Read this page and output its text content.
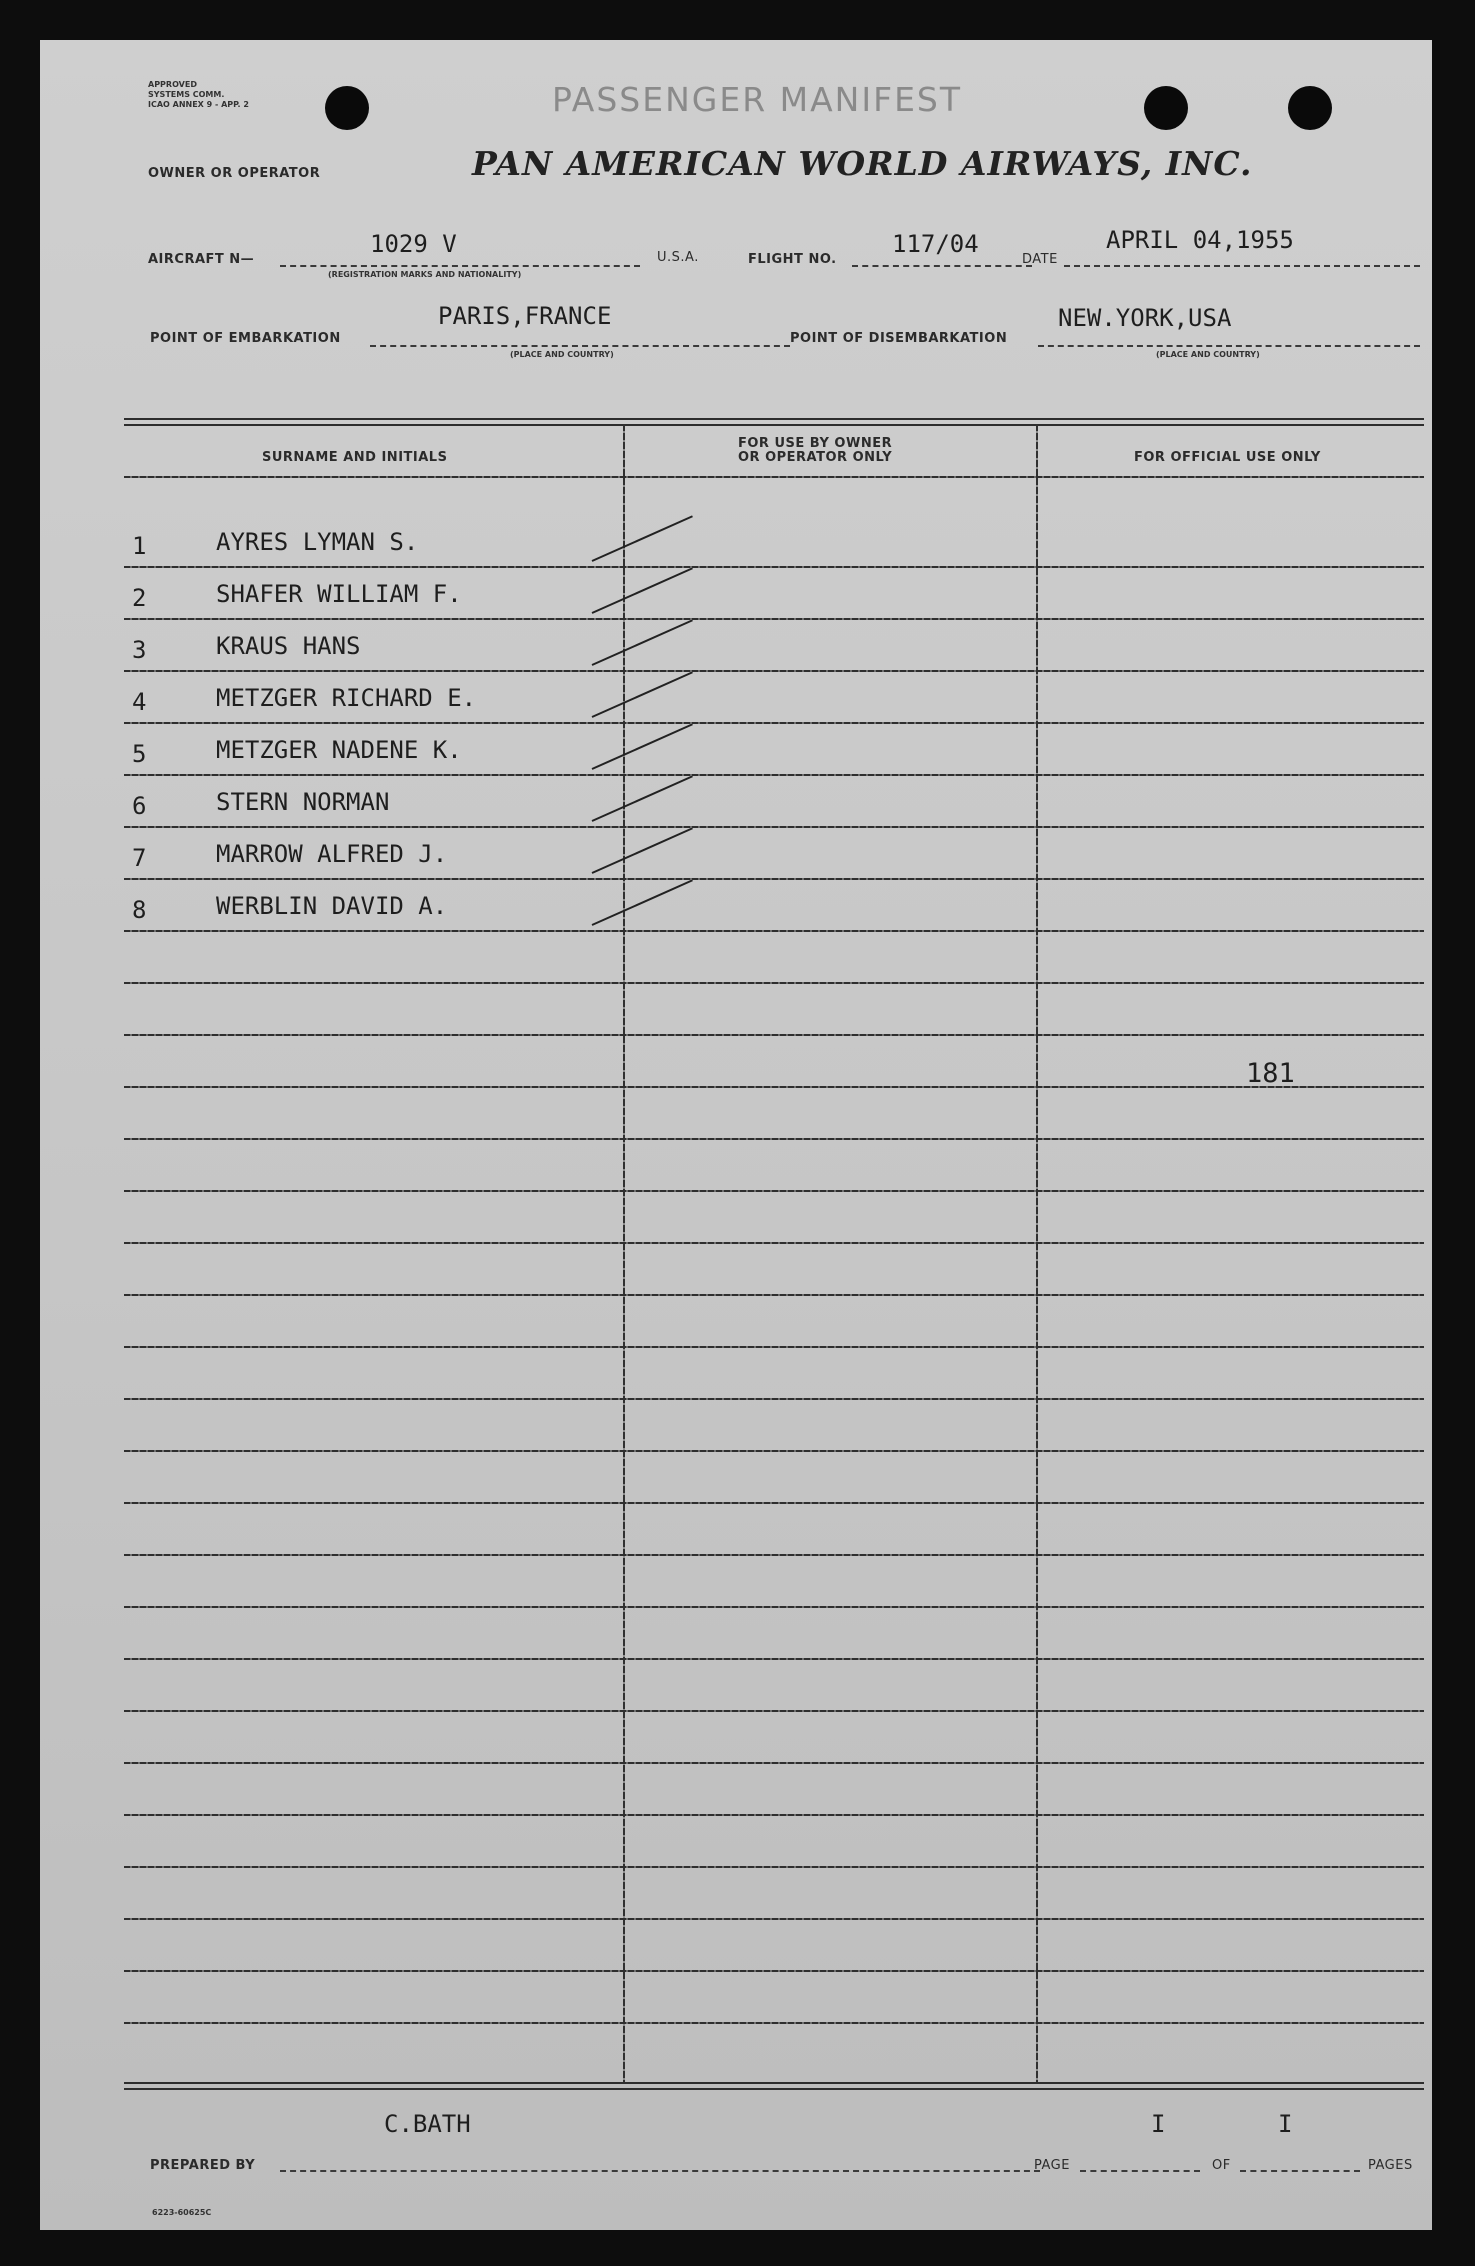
APPROVED
SYSTEMS COMM.
ICAO ANNEX 9 - APP. 2	PASSENGER MANIFEST
OWNER OR OPERATOR	PAN AMERICAN WORLD AIRWAYS, INC.
AIRCRAFT N—
1029 V
(REGISTRATION MARKS AND NATIONALITY)
U.S.A.	FLIGHT NO.
117/04
DATE
APRIL 04,1955
POINT OF EMBARKATION
PARIS,FRANCE
(PLACE AND COUNTRY)
POINT OF DISEMBARKATION
NEW.YORK,USA
(PLACE AND COUNTRY)
SURNAME AND INITIALS
FOR USE BY OWNER
OR OPERATOR ONLY	FOR OFFICIAL USE ONLY
1	AYRES LYMAN S.
2	SHAFER WILLIAM F.
3	KRAUS HANS
4	METZGER RICHARD E.
5	METZGER NADENE K.
6	STERN NORMAN
7	MARROW ALFRED J.
8	WERBLIN DAVID A.
181
C.BATH
PREPARED BY
I
PAGE	OF
I
PAGES
6223-60625C
